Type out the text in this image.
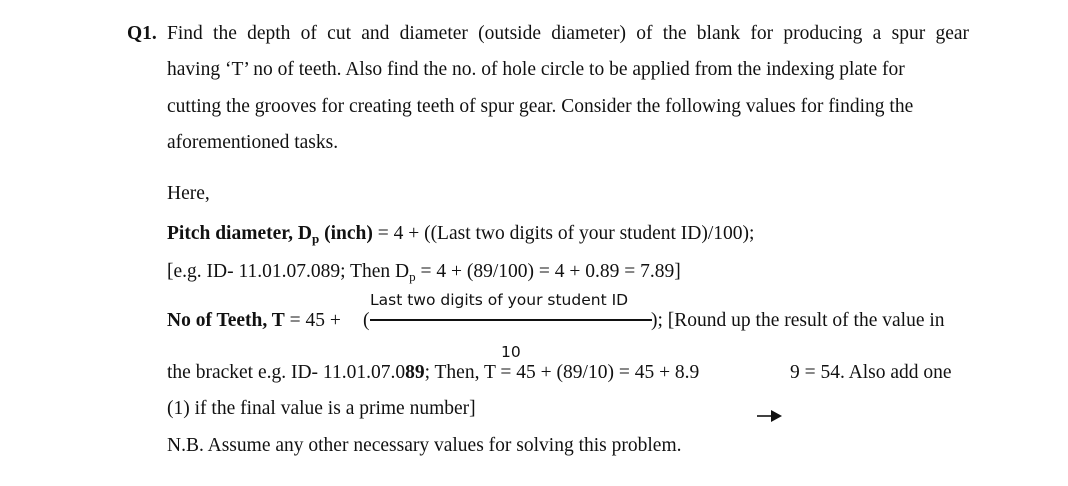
Q1. Find the depth of cut and diameter (outside diameter) of the blank for producing a spur gear
having ‘T’ no of teeth. Also find the no. of hole circle to be applied from the indexing plate for
cutting the grooves for creating teeth of spur gear. Consider the following values for finding the
aforementioned tasks.
Here,
Pitch diameter, $D_p$ (inch) = 4 + ((Last two digits of your student ID)/100);
[e.g. ID- 11.01.07.089; Then $D_p = 4 + (89/100) = 4 + 0.89 = 7.89$]
No of Teeth, T = 45 + (
Last two digits of your student ID
10
); [Round up the result of the value in
the bracket e.g. ID- 11.01.07.089; Then, T = 45 + (89/10) = 45 + 8.9	9 = 54. Also add one
(1) if the final value is a prime number]
N.B. Assume any other necessary values for solving this problem.
